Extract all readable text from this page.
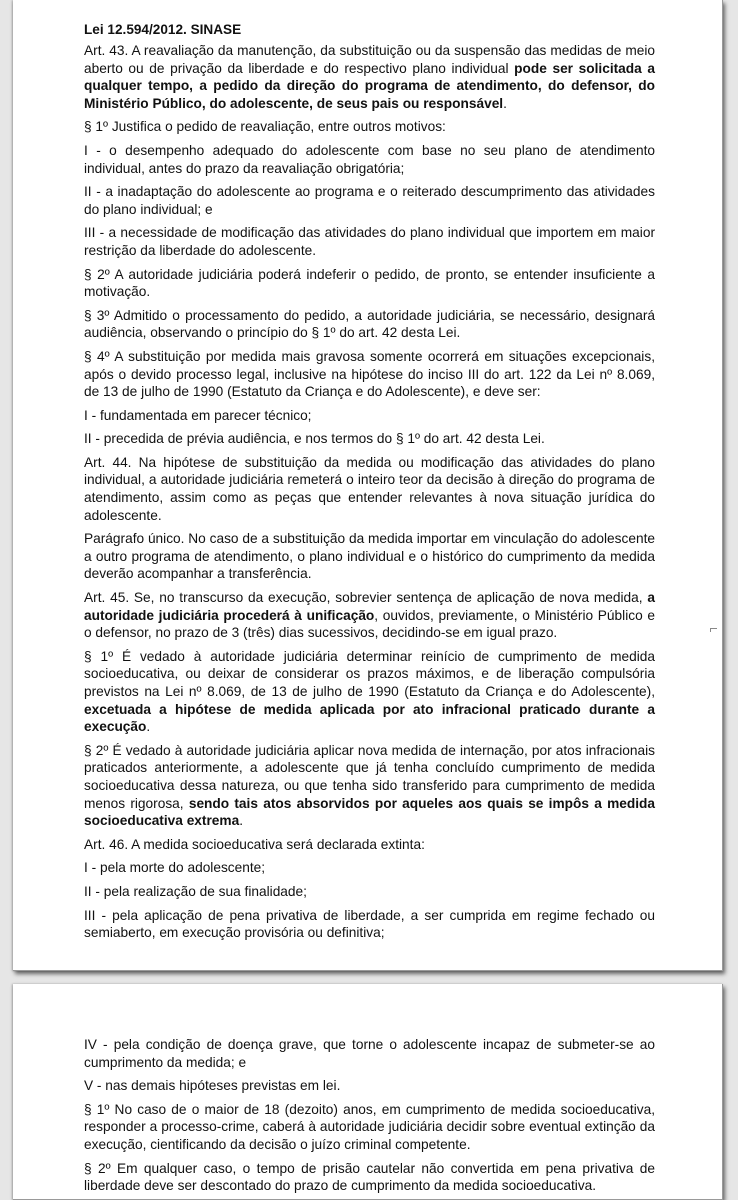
Lei 12.594/2012. SINASE

Art. 43. A reavaliação da manutenção, da substituição ou da suspensão das medidas de meio aberto ou de privação da liberdade e do respectivo plano individual pode ser solicitada a qualquer tempo, a pedido da direção do programa de atendimento, do defensor, do Ministério Público, do adolescente, de seus pais ou responsável.

§ 1º Justifica o pedido de reavaliação, entre outros motivos:

I - o desempenho adequado do adolescente com base no seu plano de atendimento individual, antes do prazo da reavaliação obrigatória;

II - a inadaptação do adolescente ao programa e o reiterado descumprimento das atividades do plano individual; e

III - a necessidade de modificação das atividades do plano individual que importem em maior restrição da liberdade do adolescente.

§ 2º A autoridade judiciária poderá indeferir o pedido, de pronto, se entender insuficiente a motivação.

§ 3º Admitido o processamento do pedido, a autoridade judiciária, se necessário, designará audiência, observando o princípio do § 1º do art. 42 desta Lei.

§ 4º A substituição por medida mais gravosa somente ocorrerá em situações excepcionais, após o devido processo legal, inclusive na hipótese do inciso III do art. 122 da Lei nº 8.069, de 13 de julho de 1990 (Estatuto da Criança e do Adolescente), e deve ser:

I - fundamentada em parecer técnico;

II - precedida de prévia audiência, e nos termos do § 1º do art. 42 desta Lei.

Art. 44. Na hipótese de substituição da medida ou modificação das atividades do plano individual, a autoridade judiciária remeterá o inteiro teor da decisão à direção do programa de atendimento, assim como as peças que entender relevantes à nova situação jurídica do adolescente.

Parágrafo único. No caso de a substituição da medida importar em vinculação do adolescente a outro programa de atendimento, o plano individual e o histórico do cumprimento da medida deverão acompanhar a transferência.

Art. 45. Se, no transcurso da execução, sobrevier sentença de aplicação de nova medida, a autoridade judiciária procederá à unificação, ouvidos, previamente, o Ministério Público e o defensor, no prazo de 3 (três) dias sucessivos, decidindo-se em igual prazo.

§ 1º É vedado à autoridade judiciária determinar reinício de cumprimento de medida socioeducativa, ou deixar de considerar os prazos máximos, e de liberação compulsória previstos na Lei nº 8.069, de 13 de julho de 1990 (Estatuto da Criança e do Adolescente), excetuada a hipótese de medida aplicada por ato infracional praticado durante a execução.

§ 2º É vedado à autoridade judiciária aplicar nova medida de internação, por atos infracionais praticados anteriormente, a adolescente que já tenha concluído cumprimento de medida socioeducativa dessa natureza, ou que tenha sido transferido para cumprimento de medida menos rigorosa, sendo tais atos absorvidos por aqueles aos quais se impôs a medida socioeducativa extrema.

Art. 46. A medida socioeducativa será declarada extinta:

I - pela morte do adolescente;

II - pela realização de sua finalidade;

III - pela aplicação de pena privativa de liberdade, a ser cumprida em regime fechado ou semiaberto, em execução provisória ou definitiva;

IV - pela condição de doença grave, que torne o adolescente incapaz de submeter-se ao cumprimento da medida; e

V - nas demais hipóteses previstas em lei.

§ 1º No caso de o maior de 18 (dezoito) anos, em cumprimento de medida socioeducativa, responder a processo-crime, caberá à autoridade judiciária decidir sobre eventual extinção da execução, cientificando da decisão o juízo criminal competente.

§ 2º Em qualquer caso, o tempo de prisão cautelar não convertida em pena privativa de liberdade deve ser descontado do prazo de cumprimento da medida socioeducativa.
